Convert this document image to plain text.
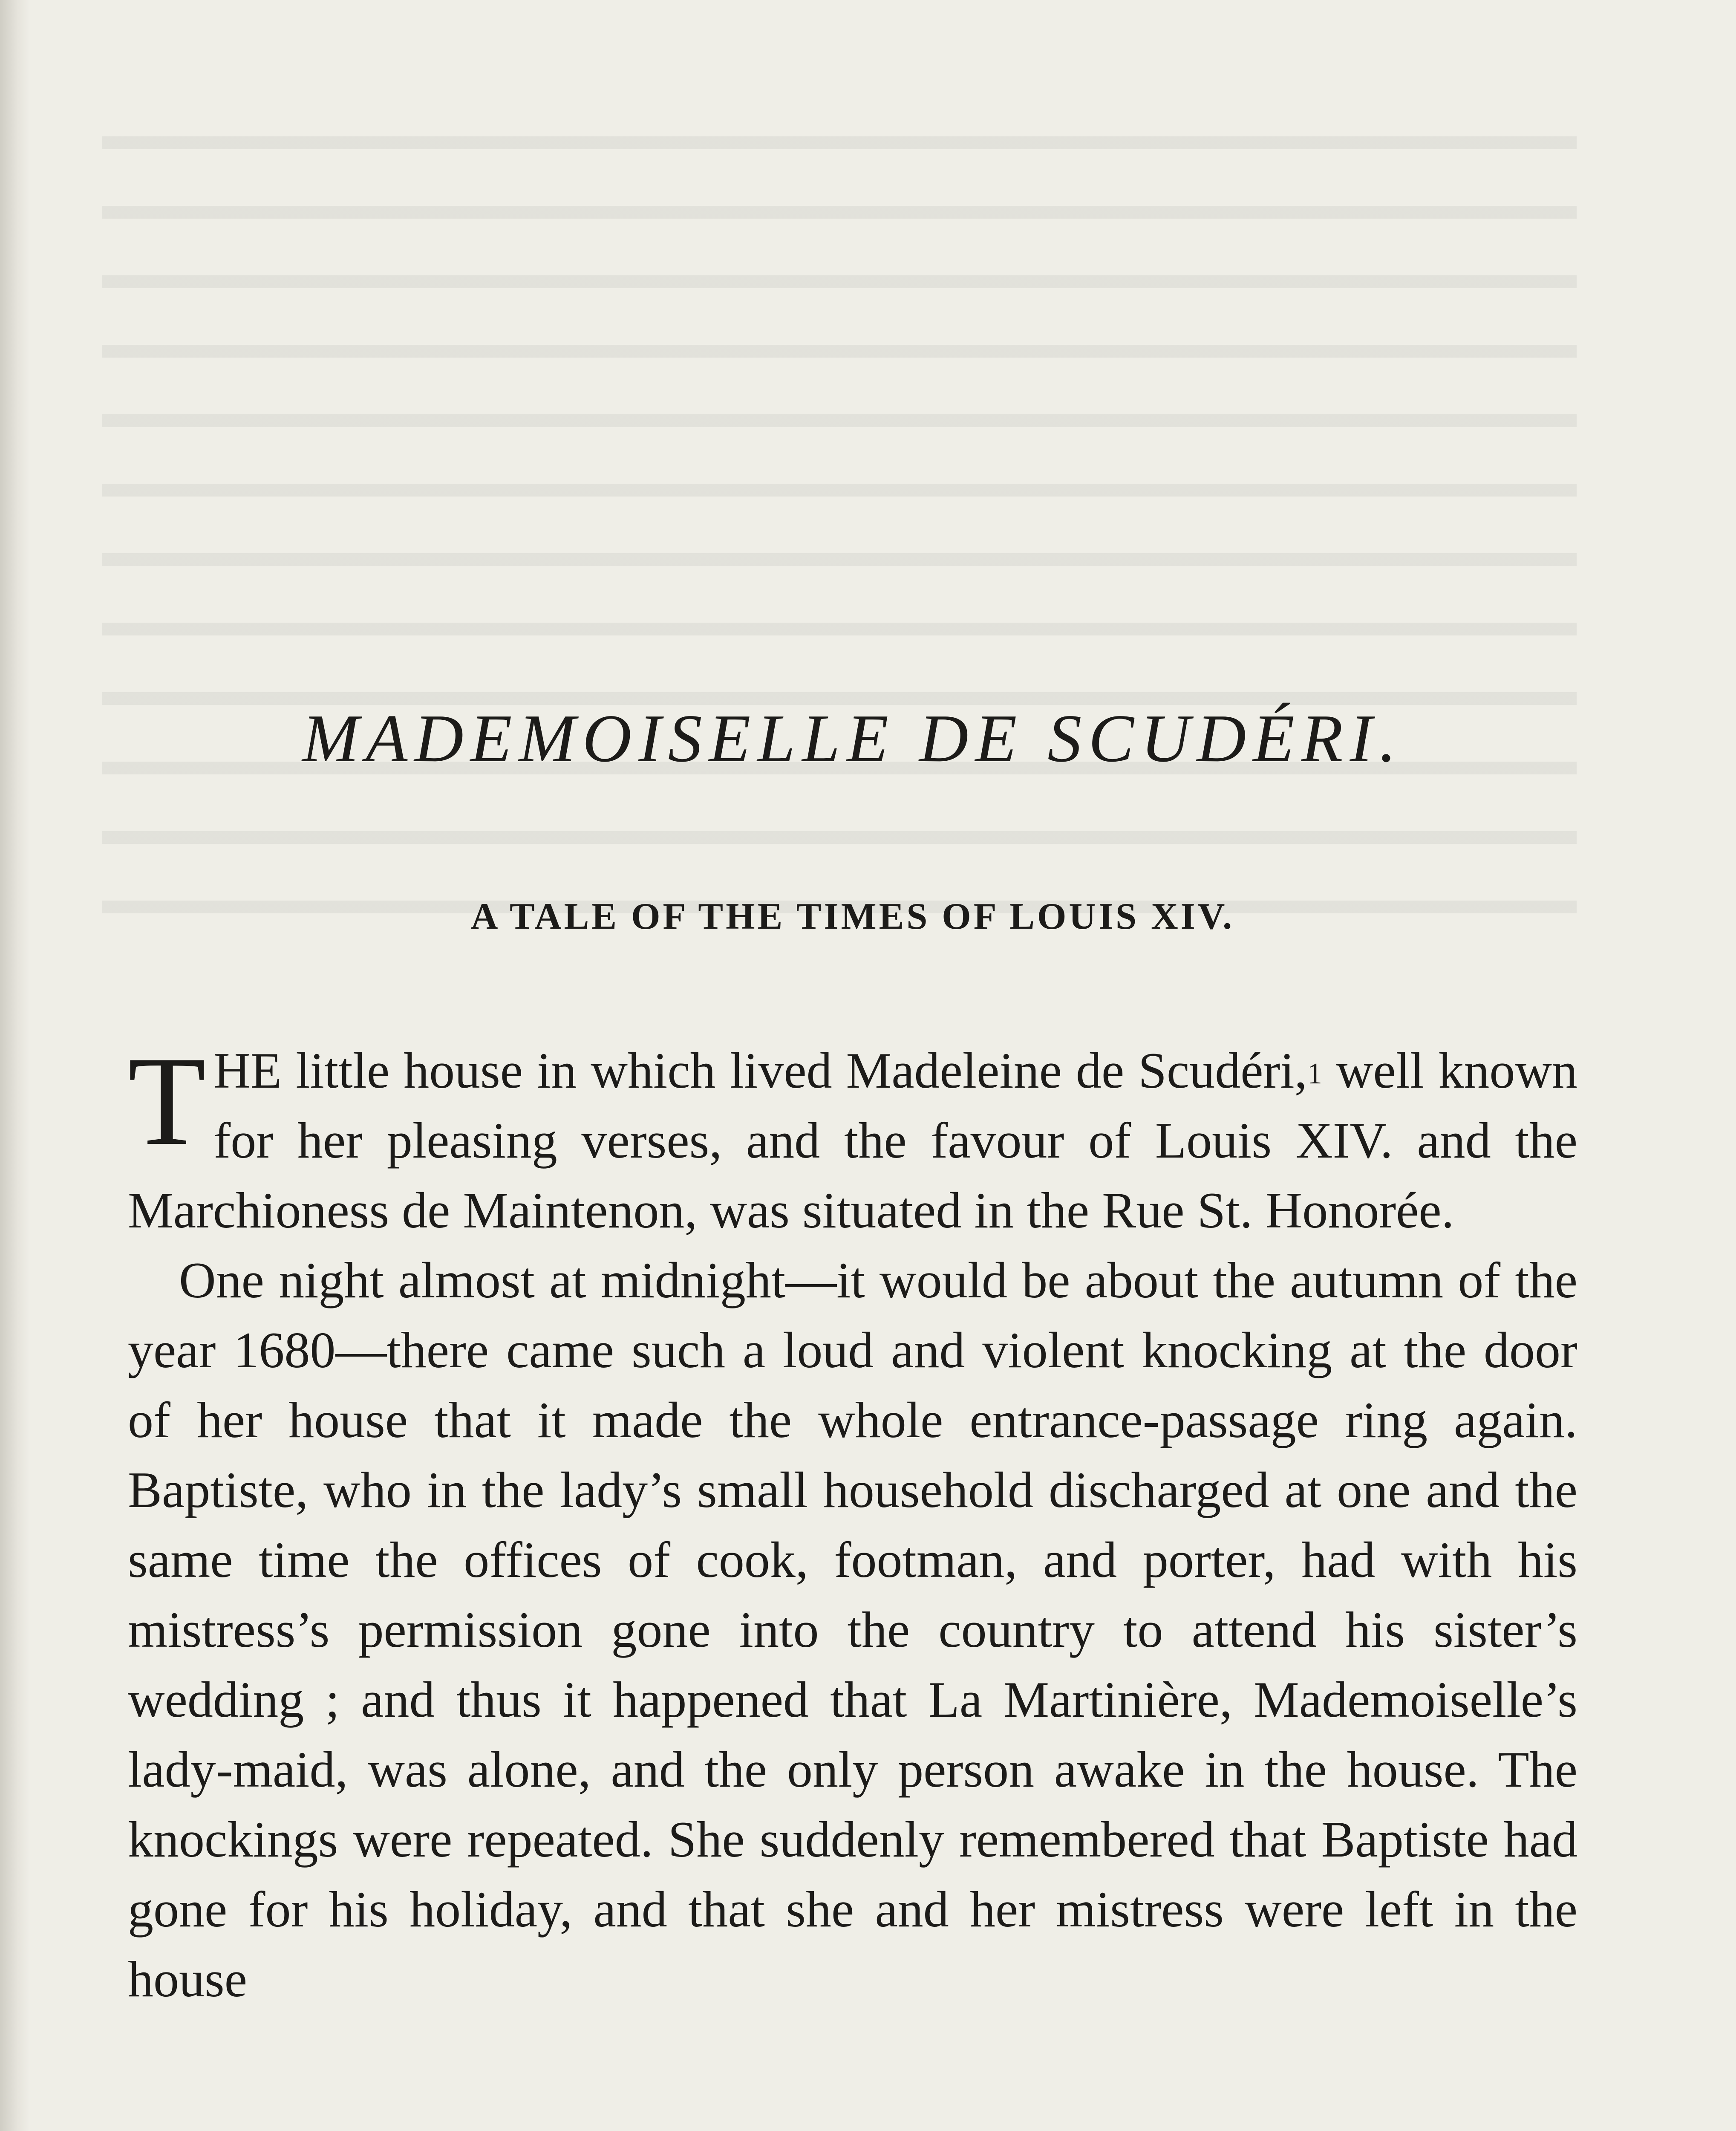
MADEMOISELLE DE SCUDÉRI.
A TALE OF THE TIMES OF LOUIS XIV.

THE little house in which lived Madeleine de Scudéri,$^1$ well known for her pleasing verses, and the favour of Louis XIV. and the Marchioness de Maintenon, was situated in the Rue St. Honorée.

One night almost at midnight—it would be about the autumn of the year 1680—there came such a loud and violent knocking at the door of her house that it made the whole entrance-passage ring again. Baptiste, who in the lady’s small household discharged at one and the same time the offices of cook, footman, and porter, had with his mistress’s permission gone into the country to attend his sister’s wedding ; and thus it happened that La Martinière, Mademoiselle’s lady-maid, was alone, and the only person awake in the house. The knockings were repeated. She suddenly remembered that Baptiste had gone for his holiday, and that she and her mistress were left in the house
